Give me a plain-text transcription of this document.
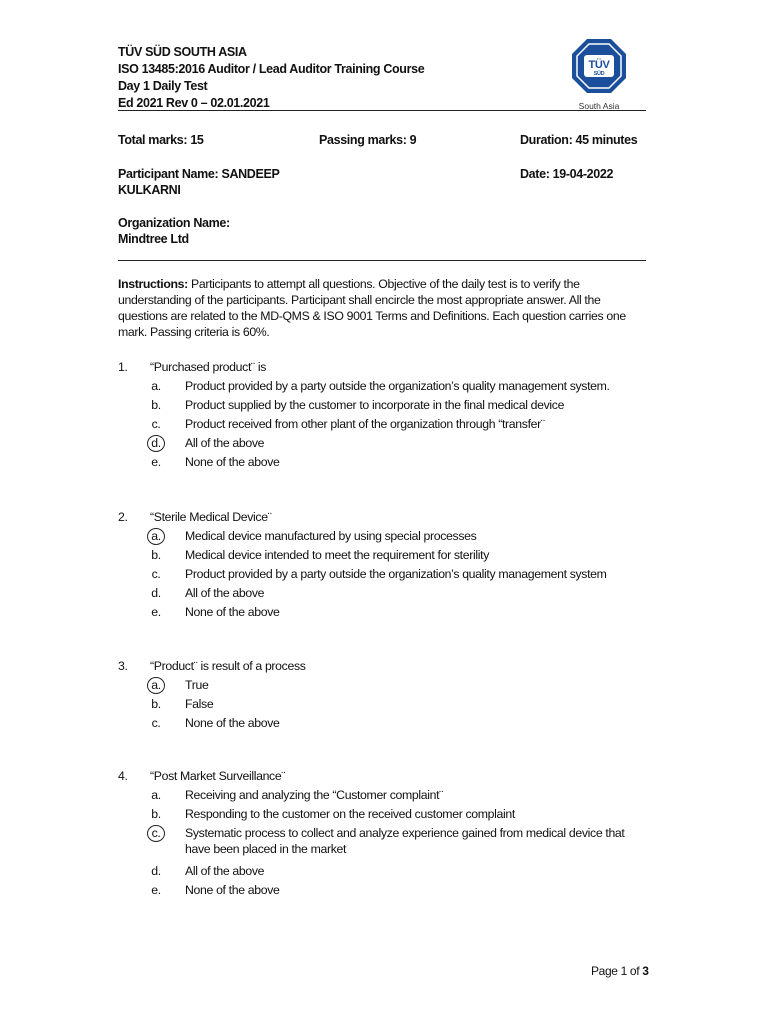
TÜV SÜD SOUTH ASIA
ISO 13485:2016 Auditor / Lead Auditor Training Course
Day 1 Daily Test
Ed 2021 Rev 0 – 02.01.2021
TÜV
SÜD
South Asia
Total marks: 15	Passing marks: 9	Duration: 45 minutes
Participant Name: SANDEEP	Date: 19-04-2022
KULKARNI
Organization Name:
Mindtree Ltd
Instructions: Participants to attempt all questions. Objective of the daily test is to verify the understanding of the participants. Participant shall encircle the most appropriate answer. All the questions are related to the MD-QMS & ISO 9001 Terms and Definitions. Each question carries one mark. Passing criteria is 60%.
1. “Purchased product¨ is
a. Product provided by a party outside the organization’s quality management system.
b. Product supplied by the customer to incorporate in the final medical device
c. Product received from other plant of the organization through “transfer¨
d.	All of the above
e. None of the above
2. “Sterile Medical Device¨
a.	Medical device manufactured by using special processes
b. Medical device intended to meet the requirement for sterility
c. Product provided by a party outside the organization’s quality management system
d. All of the above
e. None of the above
3. “Product¨ is result of a process
a.	True
b. False
c. None of the above
4. “Post Market Surveillance¨
a. Receiving and analyzing the “Customer complaint¨
b. Responding to the customer on the received customer complaint
c.	Systematic process to collect and analyze experience gained from medical device that have been placed in the market
d. All of the above
e. None of the above
Page 1 of 3
